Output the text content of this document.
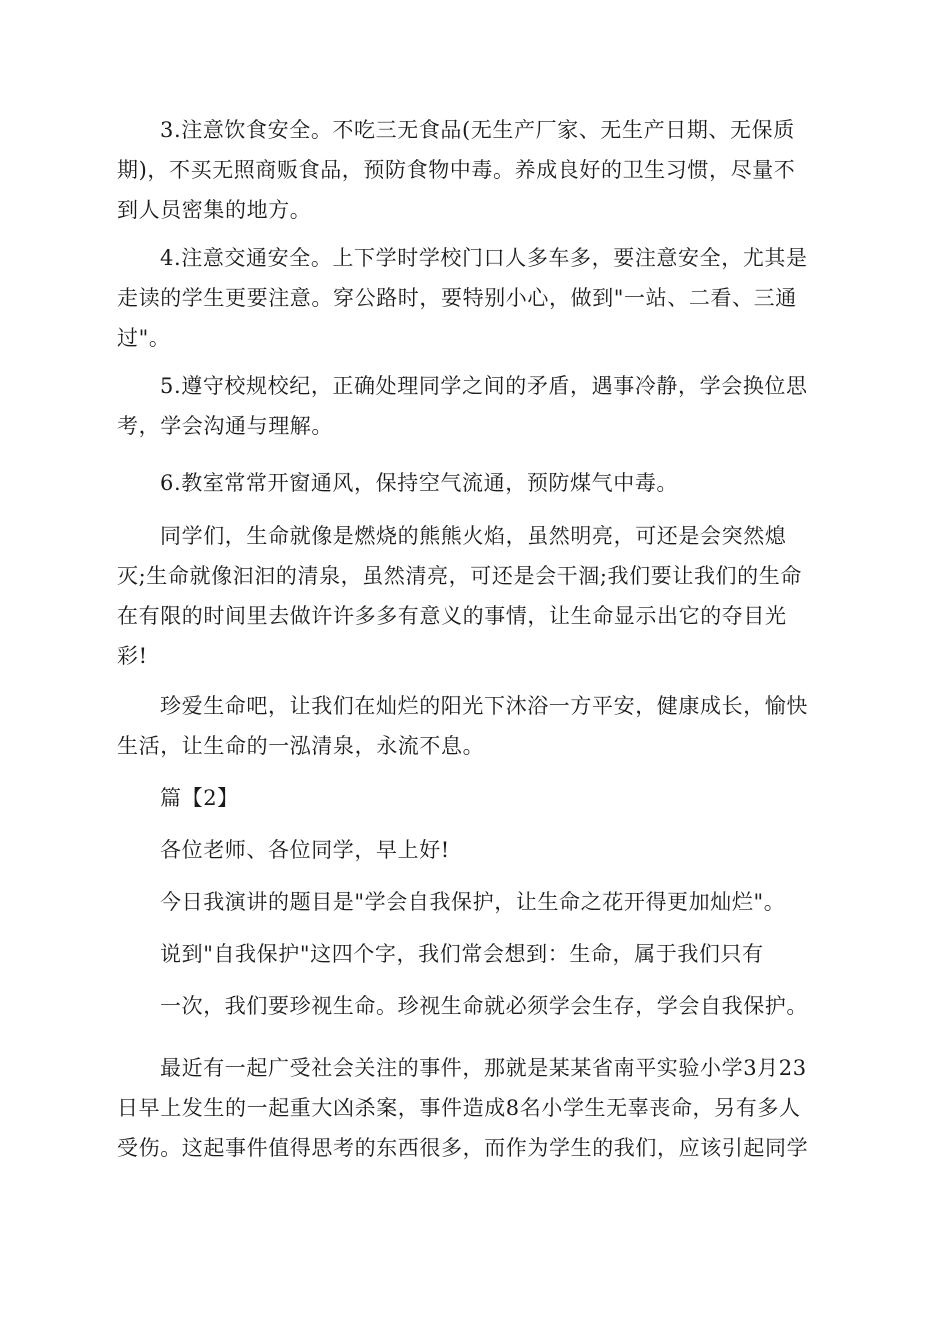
3.注意饮食安全。不吃三无食品(无生产厂家、无生产日期、无保质
期)，不买无照商贩食品，预防食物中毒。养成良好的卫生习惯，尽量不
到人员密集的地方。

4.注意交通安全。上下学时学校门口人多车多，要注意安全，尤其是
走读的学生更要注意。穿公路时，要特别小心，做到"一站、二看、三通
过"。

5.遵守校规校纪，正确处理同学之间的矛盾，遇事冷静，学会换位思
考，学会沟通与理解。

6.教室常常开窗通风，保持空气流通，预防煤气中毒。

同学们，生命就像是燃烧的熊熊火焰，虽然明亮，可还是会突然熄
灭;生命就像汩汩的清泉，虽然清亮，可还是会干涸;我们要让我们的生命
在有限的时间里去做许许多多有意义的事情，让生命显示出它的夺目光
彩!

珍爱生命吧，让我们在灿烂的阳光下沐浴一方平安，健康成长，愉快
生活，让生命的一泓清泉，永流不息。

篇【2】

各位老师、各位同学，早上好!

今日我演讲的题目是"学会自我保护，让生命之花开得更加灿烂"。

说到"自我保护"这四个字，我们常会想到：生命，属于我们只有

一次，我们要珍视生命。珍视生命就必须学会生存，学会自我保护。

最近有一起广受社会关注的事件，那就是某某省南平实验小学3月23
日早上发生的一起重大凶杀案，事件造成8名小学生无辜丧命，另有多人
受伤。这起事件值得思考的东西很多，而作为学生的我们，应该引起同学
